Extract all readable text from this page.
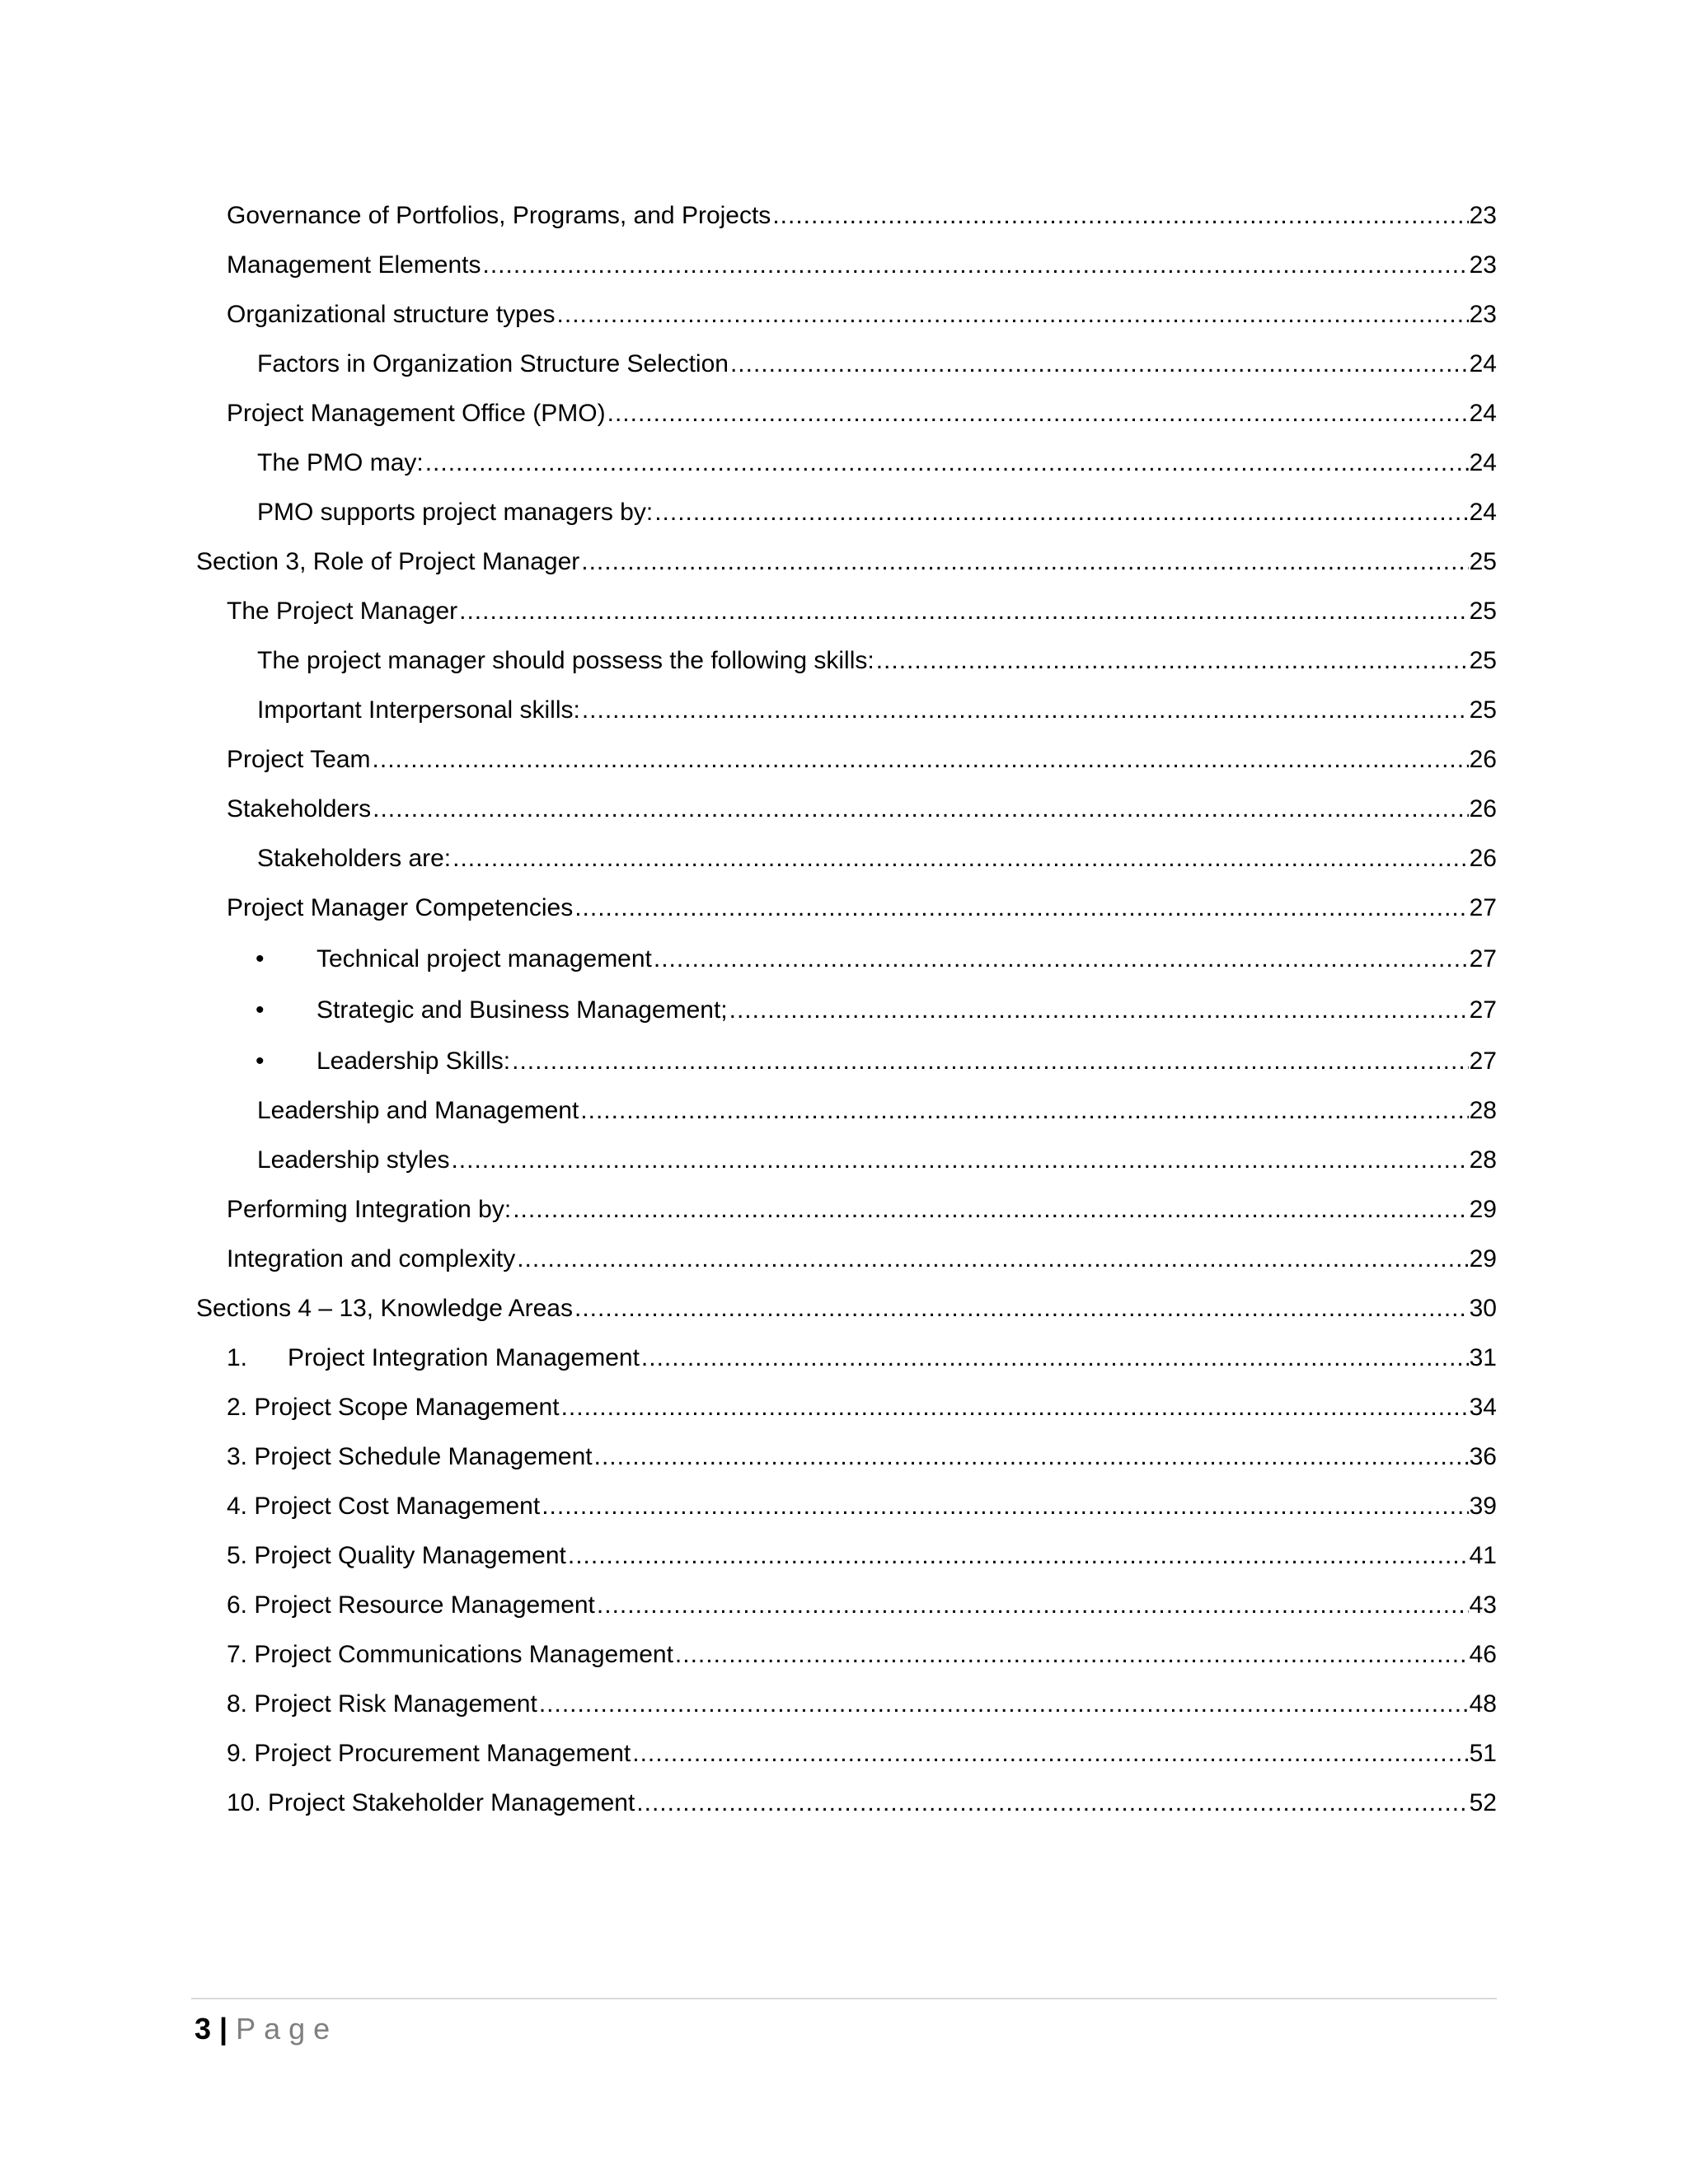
Governance of Portfolios, Programs, and Projects .....	23
Management Elements .....	23
Organizational structure types .....	23
Factors in Organization Structure Selection .....	24
Project Management Office (PMO) .....	24
The PMO may: .....	24
PMO supports project managers by: .....	24
Section 3, Role of Project Manager .....	25
The Project Manager .....	25
The project manager should possess the following skills: .....	25
Important Interpersonal skills: .....	25
Project Team .....	26
Stakeholders .....	26
Stakeholders are: .....	26
Project Manager Competencies .....	27
•	Technical project management .....	27
•	Strategic and Business Management; .....	27
•	Leadership Skills: .....	27
Leadership and Management .....	28
Leadership styles .....	28
Performing Integration by: .....	29
Integration and complexity .....	29
Sections 4 – 13, Knowledge Areas .....	30
1.	Project Integration Management .....	31
2. Project Scope Management .....	34
3. Project Schedule Management .....	36
4. Project Cost Management .....	39
5. Project Quality Management .....	41
6. Project Resource Management .....	43
7. Project Communications Management .....	46
8. Project Risk Management .....	48
9. Project Procurement Management .....	51
10. Project Stakeholder Management .....	52
3 | Page
